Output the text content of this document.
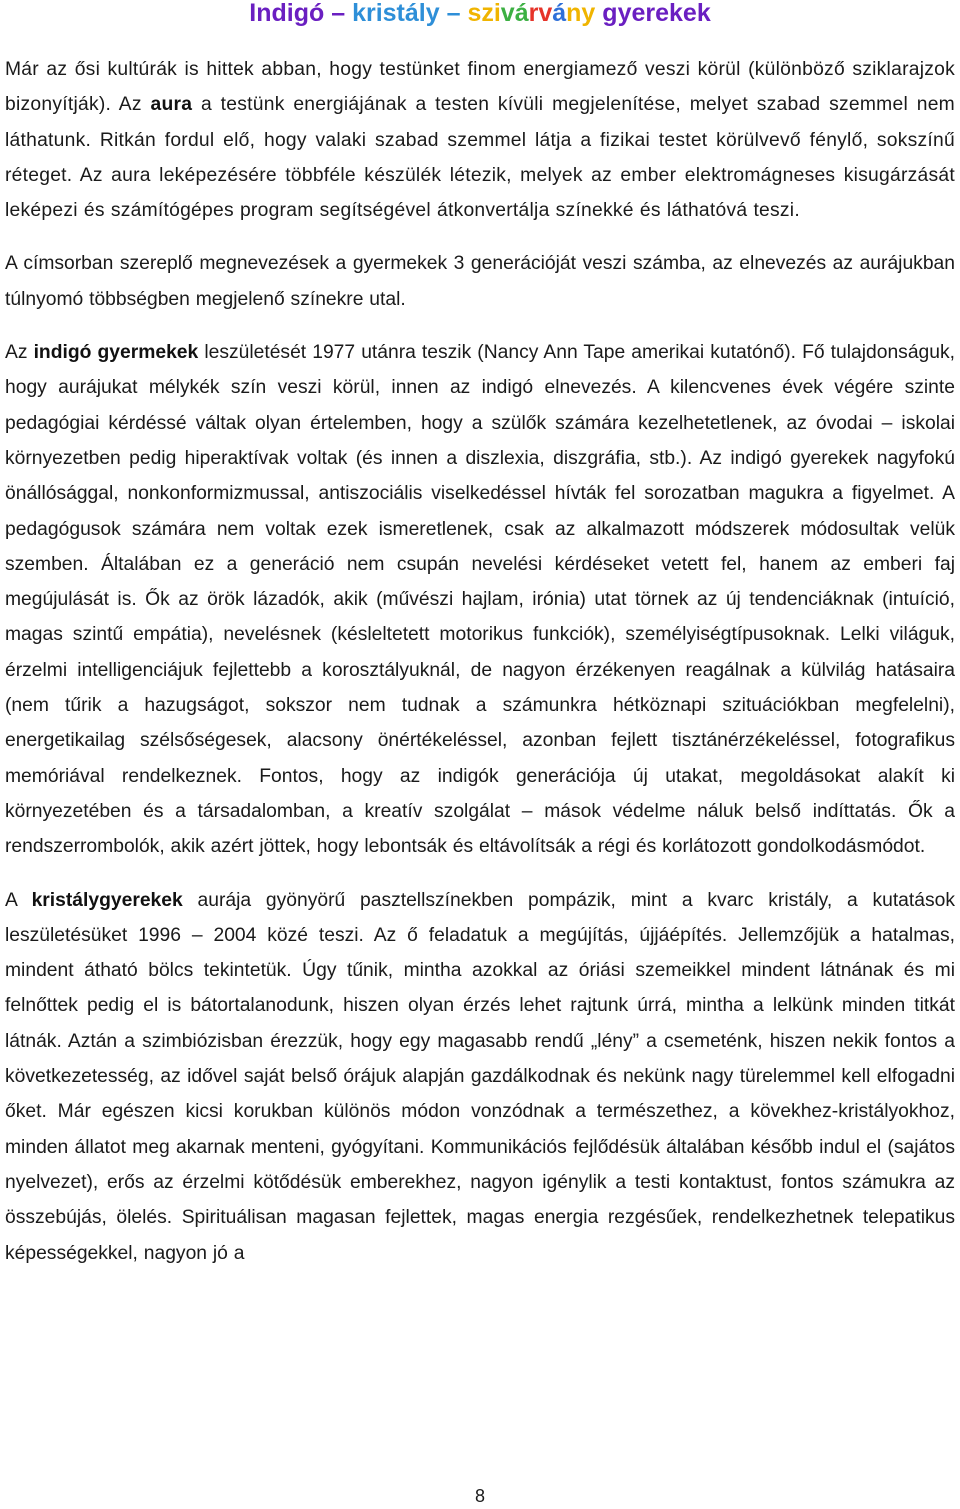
Indigó – kristály – szivárvány gyerekek

Már az ősi kultúrák is hittek abban, hogy testünket finom energiamező veszi körül (különböző sziklarajzok bizonyítják). Az aura a testünk energiájának a testen kívüli megjelenítése, melyet szabad szemmel nem láthatunk. Ritkán fordul elő, hogy valaki szabad szemmel látja a fizikai testet körülvevő fénylő, sokszínű réteget. Az aura leképezésére többféle készülék létezik, melyek az ember elektromágneses kisugárzását leképezi és számítógépes program segítségével átkonvertálja színekké és láthatóvá teszi.

A címsorban szereplő megnevezések a gyermekek 3 generációját veszi számba, az elnevezés az aurájukban túlnyomó többségben megjelenő színekre utal.

Az indigó gyermekek leszületését 1977 utánra teszik (Nancy Ann Tape amerikai kutatónő). Fő tulajdonságuk, hogy aurájukat mélykék szín veszi körül, innen az indigó elnevezés. A kilencvenes évek végére szinte pedagógiai kérdéssé váltak olyan értelemben, hogy a szülők számára kezelhetetlenek, az óvodai – iskolai környezetben pedig hiperaktívak voltak (és innen a diszlexia, diszgráfia, stb.). Az indigó gyerekek nagyfokú önállósággal, nonkonformizmussal, antiszociális viselkedéssel hívták fel sorozatban magukra a figyelmet. A pedagógusok számára nem voltak ezek ismeretlenek, csak az alkalmazott módszerek módosultak velük szemben. Általában ez a generáció nem csupán nevelési kérdéseket vetett fel, hanem az emberi faj megújulását is. Ők az örök lázadók, akik (művészi hajlam, irónia) utat törnek az új tendenciáknak (intuíció, magas szintű empátia), nevelésnek (késleltetett motorikus funkciók), személyiségtípusoknak. Lelki világuk, érzelmi intelligenciájuk fejlettebb a korosztályuknál, de nagyon érzékenyen reagálnak a külvilág hatásaira (nem tűrik a hazugságot, sokszor nem tudnak a számunkra hétköznapi szituációkban megfelelni), energetikailag szélsőségesek, alacsony önértékeléssel, azonban fejlett tisztánérzékeléssel, fotografikus memóriával rendelkeznek. Fontos, hogy az indigók generációja új utakat, megoldásokat alakít ki környezetében és a társadalomban, a kreatív szolgálat – mások védelme náluk belső indíttatás. Ők a rendszerrombolók, akik azért jöttek, hogy lebontsák és eltávolítsák a régi és korlátozott gondolkodásmódot.

A kristálygyerekek aurája gyönyörű pasztellszínekben pompázik, mint a kvarc kristály, a kutatások leszületésüket 1996 – 2004 közé teszi. Az ő feladatuk a megújítás, újjáépítés. Jellemzőjük a hatalmas, mindent átható bölcs tekintetük. Úgy tűnik, mintha azokkal az óriási szemeikkel mindent látnának és mi felnőttek pedig el is bátortalanodunk, hiszen olyan érzés lehet rajtunk úrrá, mintha a lelkünk minden titkát látnák. Aztán a szimbiózisban érezzük, hogy egy magasabb rendű „lény” a csemeténk, hiszen nekik fontos a következetesség, az idővel saját belső órájuk alapján gazdálkodnak és nekünk nagy türelemmel kell elfogadni őket. Már egészen kicsi korukban különös módon vonzódnak a természethez, a kövekhez-kristályokhoz, minden állatot meg akarnak menteni, gyógyítani. Kommunikációs fejlődésük általában később indul el (sajátos nyelvezet), erős az érzelmi kötődésük emberekhez, nagyon igénylik a testi kontaktust, fontos számukra az összebújás, ölelés. Spirituálisan magasan fejlettek, magas energia rezgésűek, rendelkezhetnek telepatikus képességekkel, nagyon jó a

8
